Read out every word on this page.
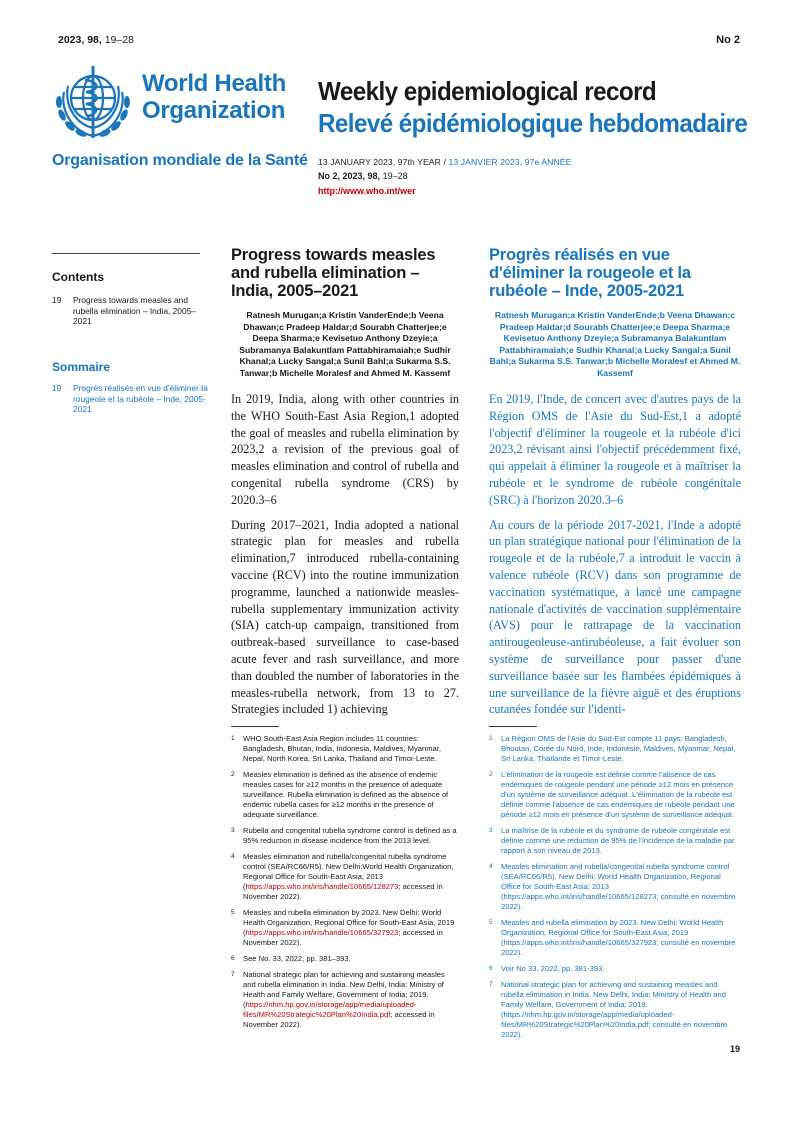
2023, 98, 19–28	No 2
World Health
Organization
Organisation mondiale de la Santé
Weekly epidemiological record
Relevé épidémiologique hebdomadaire
13 JANUARY 2023, 97th YEAR / 13 JANVIER 2023, 97e ANNÉE
No 2, 2023, 98, 19–28
http://www.who.int/wer
Contents
19	Progress towards measles and rubella elimination – India, 2005–2021
Sommaire
19	Progrès réalisés en vue d'éliminer la rougeole et la rubéole – Inde, 2005-2021
Progress towards measles and rubella elimination – India, 2005–2021
Ratnesh Murugan;a Kristin VanderEnde;b Veena Dhawan;c Pradeep Haldar;d Sourabh Chatterjee;e Deepa Sharma;e Kevisetuo Anthony Dzeyie;a Subramanya Balakuntlam Pattabhiramaiah;e Sudhir Khanal;a Lucky Sangal;a Sunil Bahl;a Sukarma S.S. Tanwar;b Michelle Moralesf and Ahmed M. Kassemf

In 2019, India, along with other countries in the WHO South-East Asia Region,1 adopted the goal of measles and rubella elimination by 2023,2 a revision of the previous goal of measles elimination and control of rubella and congenital rubella syndrome (CRS) by 2020.3–6

During 2017–2021, India adopted a national strategic plan for measles and rubella elimination,7 introduced rubella-containing vaccine (RCV) into the routine immunization programme, launched a nationwide measles-rubella supplementary immunization activity (SIA) catch-up campaign, transitioned from outbreak-based surveillance to case-based acute fever and rash surveillance, and more than doubled the number of laboratories in the measles-rubella network, from 13 to 27. Strategies included 1) achieving

1	WHO South-East Asia Region includes 11 countries: Bangladesh, Bhutan, India, Indonesia, Maldives, Myanmar, Nepal, North Korea, Sri Lanka, Thailand and Timor-Leste.
2	Measles elimination is defined as the absence of endemic measles cases for ≥12 months in the presence of adequate surveillance. Rubella elimination is defined as the absence of endemic rubella cases for ≥12 months in the presence of adequate surveillance.
3	Rubella and congenital rubella syndrome control is defined as a 95% reduction in disease incidence from the 2013 level.
4	Measles elimination and rubella/congenital rubella syndrome control (SEA/RC66/R5). New Delhi:World Health Organization, Regional Office for South-East Asia; 2013 (https://apps.who.int/iris/handle/10665/128273; accessed in November 2022).
5	Measles and rubella elimination by 2023. New Delhi: World Health Organization, Regional Office for South-East Asia; 2019 (https://apps.who.int/iris/handle/10665/327923; accessed in November 2022).
6	See No. 33, 2022, pp. 381–393.
7	National strategic plan for achieving and sustaining measles and rubella elimination in India. New Delhi, India: Ministry of Health and Family Welfare, Government of India; 2019. (https://nhm.hp.gov.in/storage/app/media/uploaded-files/MR%20Strategic%20Plan%20India.pdf; accessed in November 2022).
Progrès réalisés en vue d'éliminer la rougeole et la rubéole – Inde, 2005-2021
Ratnesh Murugan;a Kristin VanderEnde;b Veena Dhawan;c Pradeep Haldar;d Sourabh Chatterjee;e Deepa Sharma;e Kevisetuo Anthony Dzeyie;a Subramanya Balakuntlam Pattabhiramaiah;e Sudhir Khanal;a Lucky Sangal;a Sunil Bahl;a Sukarma S.S. Tanwar;b Michelle Moralesf et Ahmed M. Kassemf

En 2019, l'Inde, de concert avec d'autres pays de la Région OMS de l'Asie du Sud-Est,1 a adopté l'objectif d'éliminer la rougeole et la rubéole d'ici 2023,2 révisant ainsi l'objectif précédemment fixé, qui appelait à éliminer la rougeole et à maîtriser la rubéole et le syndrome de rubéole congénitale (SRC) à l'horizon 2020.3–6

Au cours de la période 2017-2021, l'Inde a adopté un plan stratégique national pour l'élimination de la rougeole et de la rubéole,7 a introduit le vaccin à valence rubéole (RCV) dans son programme de vaccination systématique, a lancé une campagne nationale d'activités de vaccination supplémentaire (AVS) pour le rattrapage de la vaccination antirougeoleuse-antirubéoleuse, a fait évoluer son système de surveillance pour passer d'une surveillance basée sur les flambées épidémiques à une surveillance de la fièvre aiguë et des éruptions cutanées fondée sur l'identi-

1	La Région OMS de l'Asie du Sud-Est compte 11 pays: Bangladesh, Bhoutan, Corée du Nord, Inde, Indonésie, Maldives, Myanmar, Népal, Sri Lanka, Thaïlande et Timor-Leste.
2	L'élimination de la rougeole est définie comme l'absence de cas endémiques de rougeole pendant une période ≥12 mois en présence d'un système de surveillance adéquat. L'élimination de la rubéole est définie comme l'absence de cas endémiques de rubéole pendant une période ≥12 mois en présence d'un système de surveillance adéquat.
3	La maîtrise de la rubéole et du syndrome de rubéole congénitale est définie comme une réduction de 95% de l'incidence de la maladie par rapport à son niveau de 2013.
4	Measles elimination and rubella/congenital rubella syndrome control (SEA/RC66/R5). New Delhi: World Health Organization, Regional Office for South-East Asia; 2013 (https://apps.who.int/iris/handle/10665/128273; consulté en novembre 2022).
5	Measles and rubella elimination by 2023. New Delhi: World Health Organization, Regional Office for South-East Asia; 2019 (https://apps.who.int/iris/handle/10665/327923; consulté en novembre 2022).
6	Voir No 33, 2022, pp. 381-393.
7	National strategic plan for achieving and sustaining measles and rubella elimination in India. New Delhi, India: Ministry of Health and Family Welfare, Government of India; 2019. (https://nhm.hp.gov.in/storage/app/media/uploaded-files/MR%20Strategic%20Plan%20India.pdf; consulté en novembre 2022).
19
